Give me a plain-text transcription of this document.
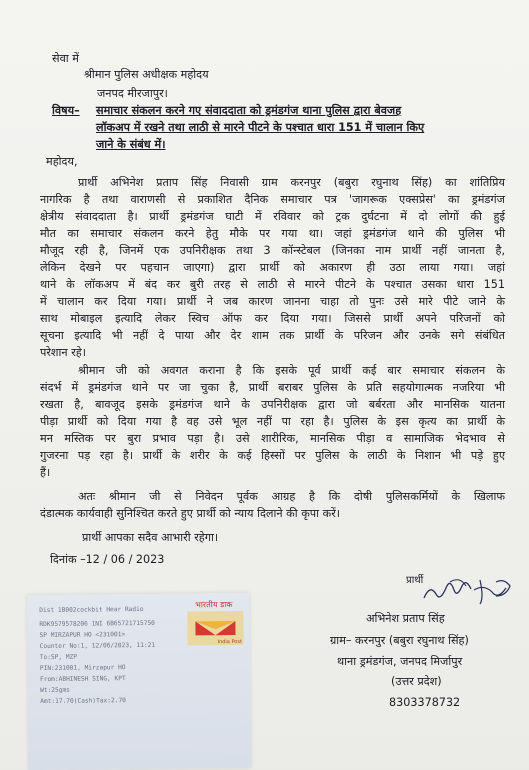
सेवा में
श्रीमान पुलिस अधीक्षक महोदय
जनपद मीरजापुर।
विषय– समाचार संकलन करने गए संवाददाता को ड्रमंडगंज थाना पुलिस द्वारा बेवजह
लॉकअप में रखने तथा लाठी से मारने पीटने के पश्चात धारा 151 में चालान किए
जाने के संबंध में।
महोदय,
प्रार्थी अभिनेश प्रताप सिंह निवासी ग्राम करनपुर (बबुरा रघुनाथ सिंह) का शांतिप्रिय
नागरिक है तथा वाराणसी से प्रकाशित दैनिक समाचार पत्र 'जागरूक एक्सप्रेस' का ड्रमंडगंज
क्षेत्रीय संवाददाता है। प्रार्थी ड्रमंडगंज घाटी में रविवार को ट्रक दुर्घटना में दो लोगों की हुई
मौत का समाचार संकलन करने हेतु मौके पर गया था। जहां ड्रमंडगंज थाने की पुलिस भी
मौजूद रही है, जिनमें एक उपनिरीक्षक तथा 3 कॉन्स्टेबल (जिनका नाम प्रार्थी नहीं जानता है,
लेकिन देखने पर पहचान जाएगा) द्वारा प्रार्थी को अकारण ही उठा लाया गया। जहां
थाने के लॉकअप में बंद कर बुरी तरह से लाठी से मारने पीटने के पश्चात उसका धारा 151
में चालान कर दिया गया। प्रार्थी ने जब कारण जानना चाहा तो पुनः उसे मारे पीटे जाने के
साथ मोबाइल इत्यादि लेकर स्विच ऑफ कर दिया गया। जिससे प्रार्थी अपने परिजनों को
सूचना इत्यादि भी नहीं दे पाया और देर शाम तक प्रार्थी के परिजन और उनके सगे संबंधित
परेशान रहे।
श्रीमान जी को अवगत कराना है कि इसके पूर्व प्रार्थी कई बार समाचार संकलन के
संदर्भ में ड्रमंडगंज थाने पर जा चुका है, प्रार्थी बराबर पुलिस के प्रति सहयोगात्मक नजरिया भी
रखता है, बावजूद इसके ड्रमंडगंज थाने के उपनिरीक्षक द्वारा जो बर्बरता और मानसिक यातना
पीड़ा प्रार्थी को दिया गया है वह उसे भूल नहीं पा रहा है। पुलिस के इस कृत्य का प्रार्थी के
मन मस्तिक पर बुरा प्रभाव पड़ा है। उसे शारीरिक, मानसिक पीड़ा व सामाजिक भेदभाव से
गुजरना पड़ रहा है। प्रार्थी के शरीर के कई हिस्सों पर पुलिस के लाठी के निशान भी पड़े हुए
हैं।
अतः श्रीमान जी से निवेदन पूर्वक आग्रह है कि दोषी पुलिसकर्मियों के खिलाफ
दंडात्मक कार्यवाही सुनिश्चित करते हुए प्रार्थी को न्याय दिलाने की कृपा करें।
प्रार्थी आपका सदैव आभारी रहेगा।
दिनांक –12 / 06 / 2023
प्रार्थी
अभिनेश प्रताप सिंह
ग्राम– करनपुर (बबुरा रघुनाथ सिंह)
थाना ड्रमंडगंज, जनपद मिर्जापुर
(उत्तर प्रदेश)
8303378732
भारतीय डाक
India Post
Dist 1B002cockbit Hear Radio
RDK9579578206 1NI 6B65721715750
SP MIRZAPUR HO <231001>
Counter No:1, 12/06/2023, 11:21
To:SP, MZP
PIN:231001, Mirzapur HO
From:ABHINESH SING, KPT
Wt:25gms
Amt:17.70(Cash)Tax:2.70
